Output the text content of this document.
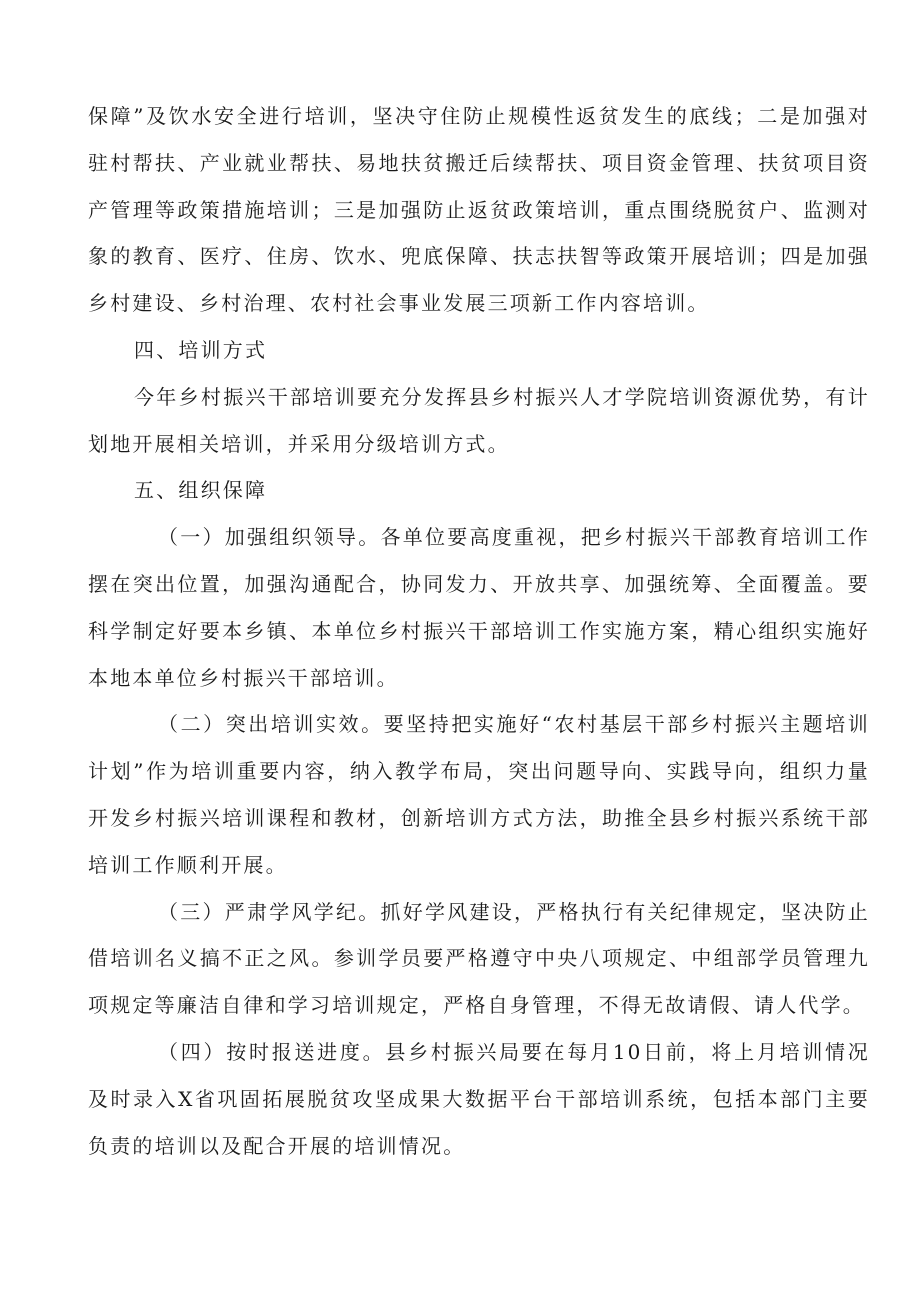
保障”及饮水安全进行培训，坚决守住防止规模性返贫发生的底线；二是加强对驻村帮扶、产业就业帮扶、易地扶贫搬迁后续帮扶、项目资金管理、扶贫项目资产管理等政策措施培训；三是加强防止返贫政策培训，重点围绕脱贫户、监测对象的教育、医疗、住房、饮水、兜底保障、扶志扶智等政策开展培训；四是加强乡村建设、乡村治理、农村社会事业发展三项新工作内容培训。

四、培训方式

今年乡村振兴干部培训要充分发挥县乡村振兴人才学院培训资源优势，有计划地开展相关培训，并采用分级培训方式。

五、组织保障

（一）加强组织领导。各单位要高度重视，把乡村振兴干部教育培训工作摆在突出位置，加强沟通配合，协同发力、开放共享、加强统筹、全面覆盖。要科学制定好要本乡镇、本单位乡村振兴干部培训工作实施方案，精心组织实施好本地本单位乡村振兴干部培训。

（二）突出培训实效。要坚持把实施好“农村基层干部乡村振兴主题培训计划”作为培训重要内容，纳入教学布局，突出问题导向、实践导向，组织力量开发乡村振兴培训课程和教材，创新培训方式方法，助推全县乡村振兴系统干部培训工作顺利开展。

（三）严肃学风学纪。抓好学风建设，严格执行有关纪律规定，坚决防止借培训名义搞不正之风。参训学员要严格遵守中央八项规定、中组部学员管理九项规定等廉洁自律和学习培训规定，严格自身管理，不得无故请假、请人代学。

（四）按时报送进度。县乡村振兴局要在每月10日前，将上月培训情况及时录入X省巩固拓展脱贫攻坚成果大数据平台干部培训系统，包括本部门主要负责的培训以及配合开展的培训情况。
